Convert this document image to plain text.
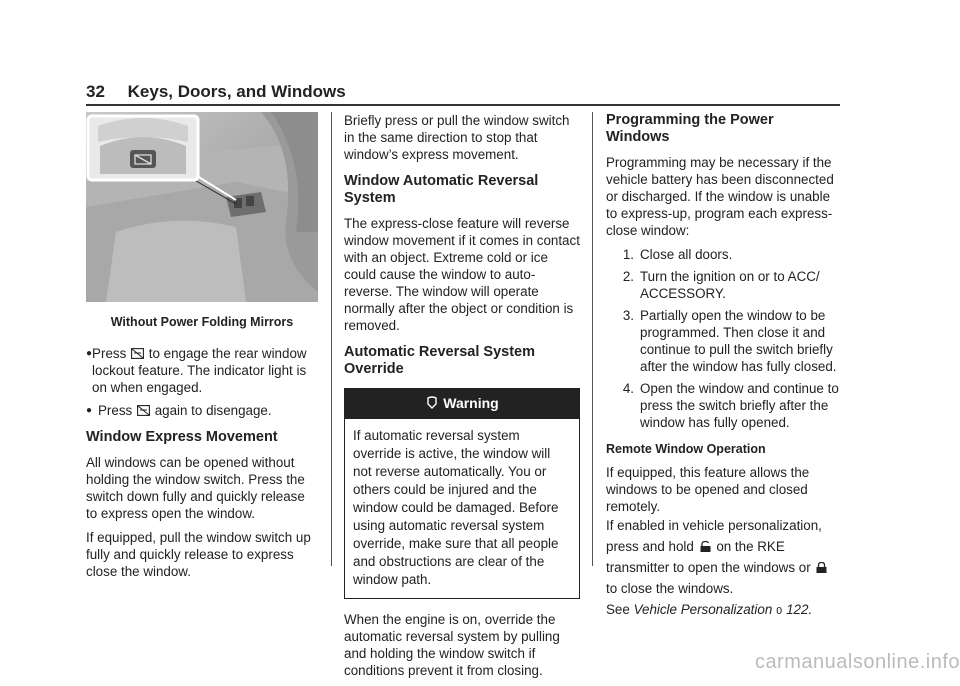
32 Keys, Doors, and Windows
Without Power Folding Mirrors
● Press to engage the rear window lockout feature. The indicator light is on when engaged.
● Press again to disengage.
Window Express Movement

All windows can be opened without holding the window switch. Press the switch down fully and quickly release to express open the window.

If equipped, pull the window switch up fully and quickly release to express close the window.

Briefly press or pull the window switch in the same direction to stop that window’s express movement.

Window Automatic Reversal System

The express-close feature will reverse window movement if it comes in contact with an object. Extreme cold or ice could cause the window to auto-reverse. The window will operate normally after the object or condition is removed.

Automatic Reversal System Override
Warning
If automatic reversal system override is active, the window will not reverse automatically. You or others could be injured and the window could be damaged. Before using automatic reversal system override, make sure that all people and obstructions are clear of the window path.

When the engine is on, override the automatic reversal system by pulling and holding the window switch if conditions prevent it from closing.

Programming the Power Windows

Programming may be necessary if the vehicle battery has been disconnected or discharged. If the window is unable to express-up, program each express-close window:

1. Close all doors.
2. Turn the ignition on or to ACC/ ACCESSORY.
3. Partially open the window to be programmed. Then close it and continue to pull the switch briefly after the window has fully closed.
4. Open the window and continue to press the switch briefly after the window has fully opened.
Remote Window Operation

If equipped, this feature allows the windows to be opened and closed remotely.

If enabled in vehicle personalization, press and hold on the RKE transmitter to open the windows or  to close the windows.
See Vehicle Personalization 0 122.

carmanualsonline.info
